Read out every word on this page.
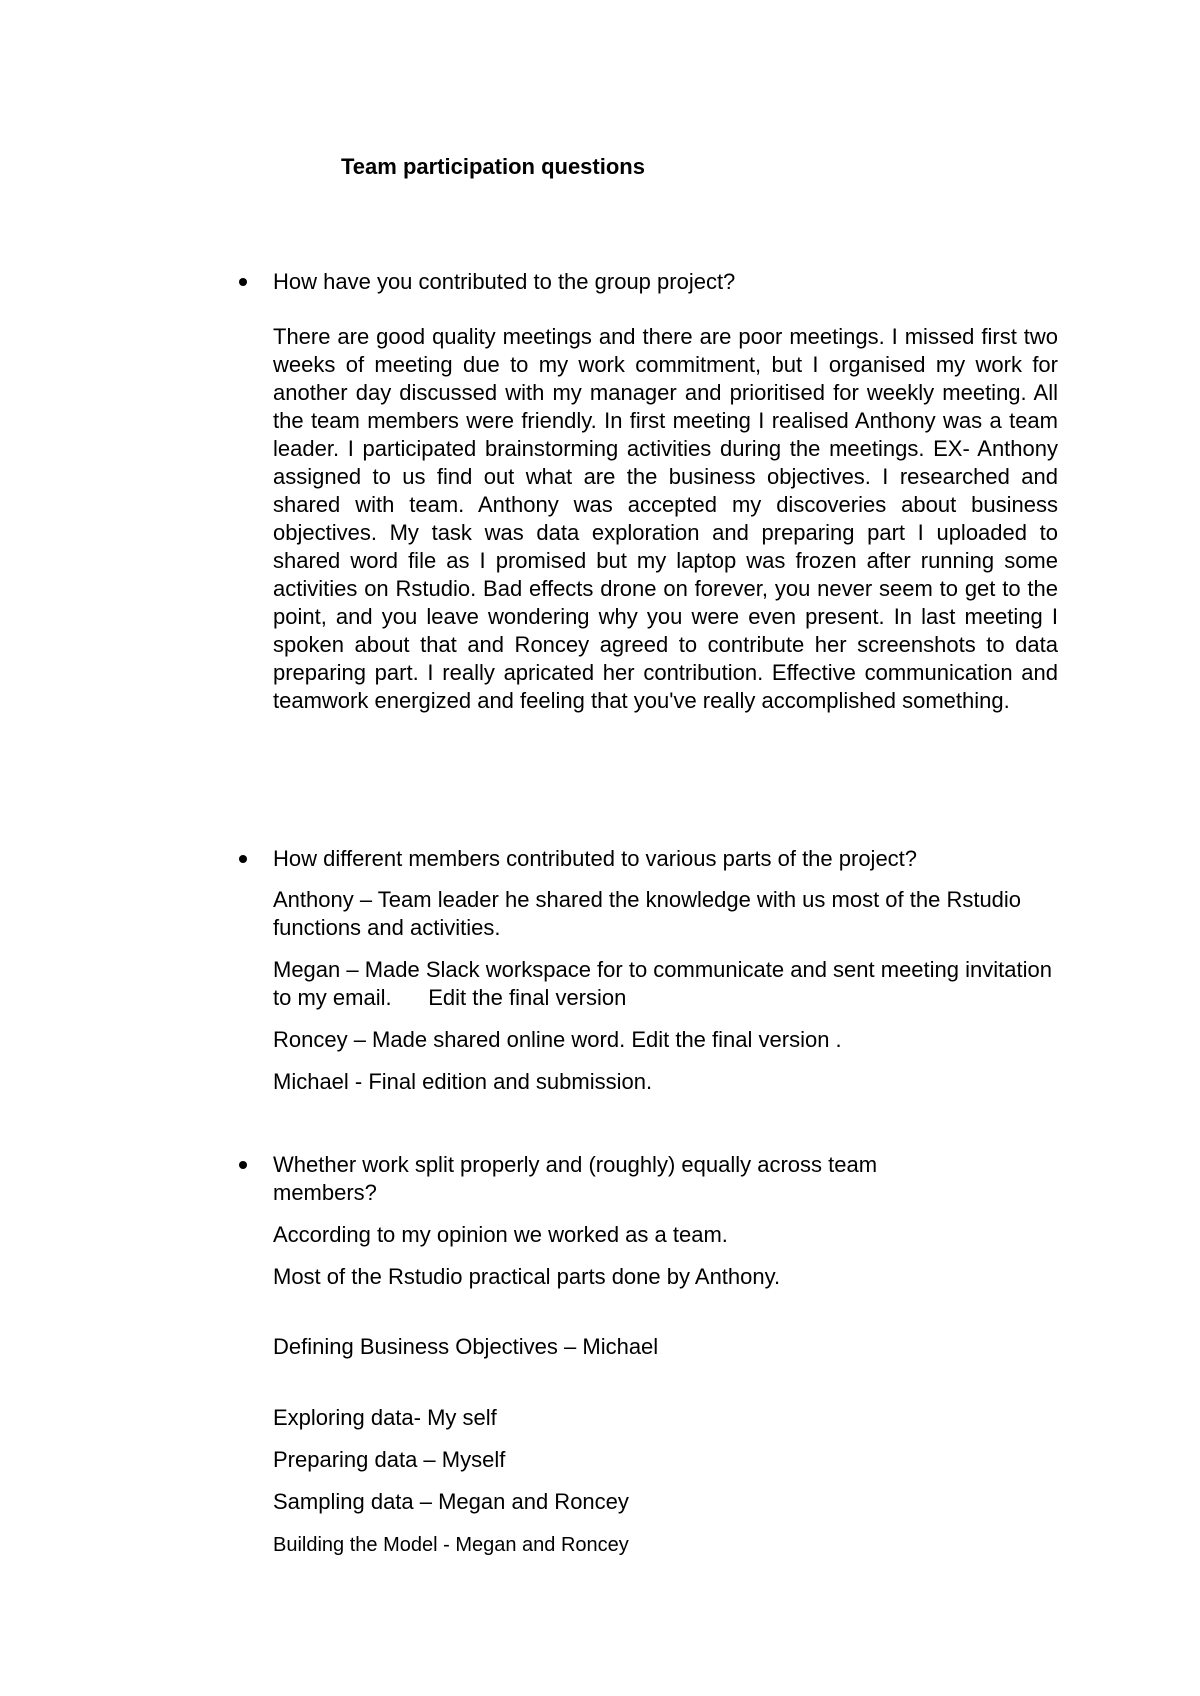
Team participation questions

How have you contributed to the group project?

There are good quality meetings and there are poor meetings. I missed first two weeks of meeting due to my work commitment, but I organised my work for another day discussed with my manager and prioritised for weekly meeting. All the team members were friendly. In first meeting I realised Anthony was a team leader. I participated brainstorming activities during the meetings. EX- Anthony assigned to us find out what are the business objectives. I researched and shared with team. Anthony was accepted my discoveries about business objectives. My task was data exploration and preparing part I uploaded to shared word file as I promised but my laptop was frozen after running some activities on Rstudio. Bad effects drone on forever, you never seem to get to the point, and you leave wondering why you were even present. In last meeting I spoken about that and Roncey agreed to contribute her screenshots to data preparing part. I really apricated her contribution. Effective communication and teamwork energized and feeling that you've really accomplished something.

How different members contributed to various parts of the project?

Anthony – Team leader he shared the knowledge with us most of the Rstudio functions and activities.

Megan – Made Slack workspace for to communicate and sent meeting invitation to my email.      Edit the final version

Roncey – Made shared online word. Edit the final version .

Michael - Final edition and submission.

Whether work split properly and (roughly) equally across team members?

According to my opinion we worked as a team.

Most of the Rstudio practical parts done by Anthony.

Defining Business Objectives – Michael

Exploring data- My self

Preparing data – Myself

Sampling data – Megan and Roncey

Building the Model - Megan and Roncey
